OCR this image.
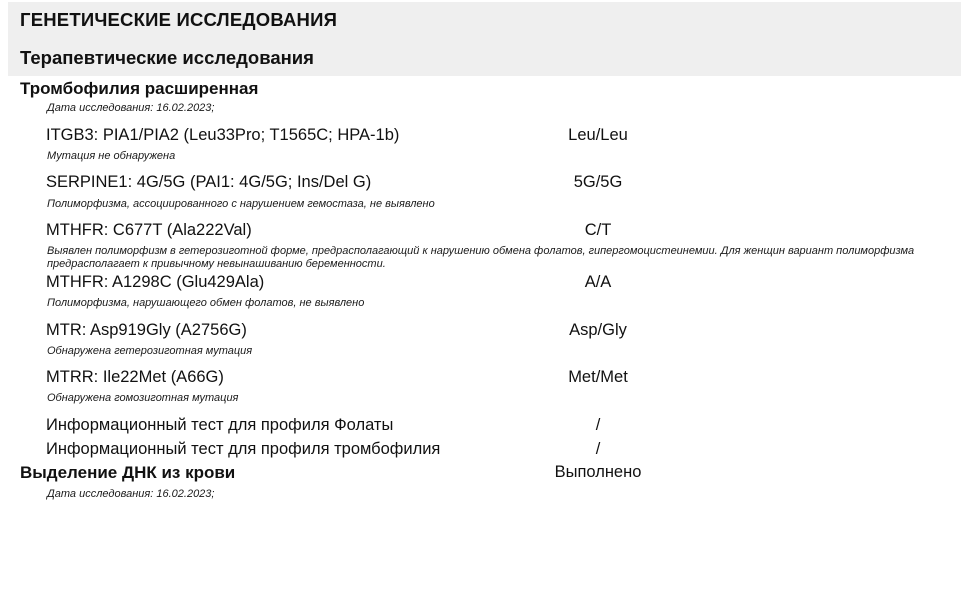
ГЕНЕТИЧЕСКИЕ ИССЛЕДОВАНИЯ
Терапевтические исследования
Тромбофилия расширенная
Дата исследования: 16.02.2023;
ITGB3: PIA1/PIA2 (Leu33Pro; T1565C; HPA-1b)	Leu/Leu
Мутация не обнаружена
SERPINE1: 4G/5G (PAI1: 4G/5G; Ins/Del G)	5G/5G
Полиморфизма, ассоциированного с нарушением гемостаза, не выявлено
MTHFR: C677T (Ala222Val)	C/T
Выявлен полиморфизм в гетерозиготной форме, предрасполагающий к нарушению обмена фолатов, гипергомоцистеинемии. Для женщин вариант полиморфизма предрасполагает к привычному невынашиванию беременности.
MTHFR: A1298C (Glu429Ala)	A/A
Полиморфизма, нарушающего обмен фолатов, не выявлено
MTR: Asp919Gly (A2756G)	Asp/Gly
Обнаружена гетерозиготная мутация
MTRR: Ile22Met (A66G)	Met/Met
Обнаружена гомозиготная мутация
Информационный тест для профиля Фолаты	/
Информационный тест для профиля тромбофилия	/
Выделение ДНК из крови	Выполнено
Дата исследования: 16.02.2023;
